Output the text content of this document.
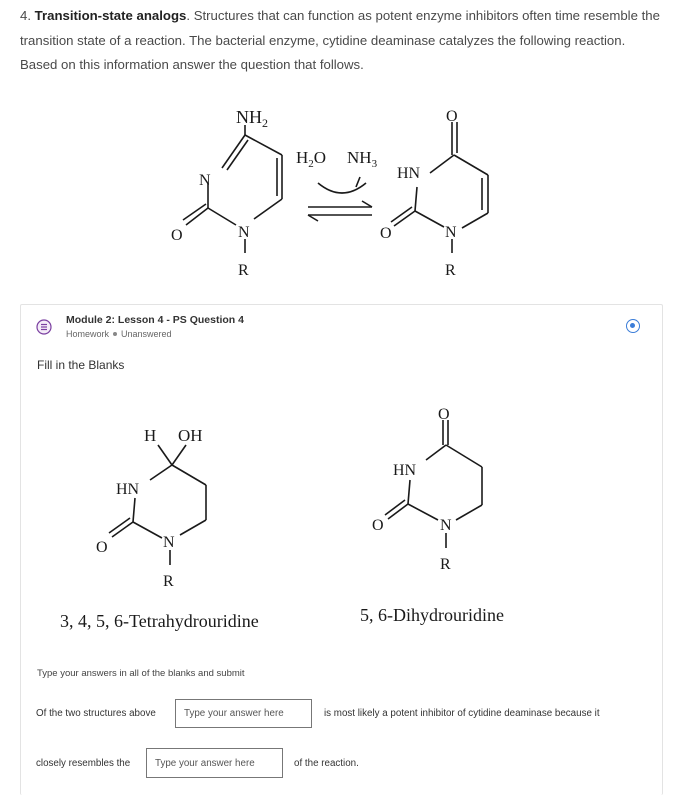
4. Transition-state analogs. Structures that can function as potent enzyme inhibitors often time resemble the transition state of a reaction. The bacterial enzyme, cytidine deaminase catalyzes the following reaction. Based on this information answer the question that follows.
$NH_2$
N
O	N
R
$H_2O$ $NH_3$
O
HN
O	N
R
Module 2: Lesson 4 - PS Question 4
Homework Unanswered
Fill in the Blanks
H OH
HN
O	N
R
O
HN
O	N
R
3, 4, 5, 6-Tetrahydrouridine	5, 6-Dihydrouridine
Type your answers in all of the blanks and submit
Of the two structures above
Type your answer here	is most likely a potent inhibitor of cytidine deaminase because it
closely resembles the
Type your answer here	of the reaction.
